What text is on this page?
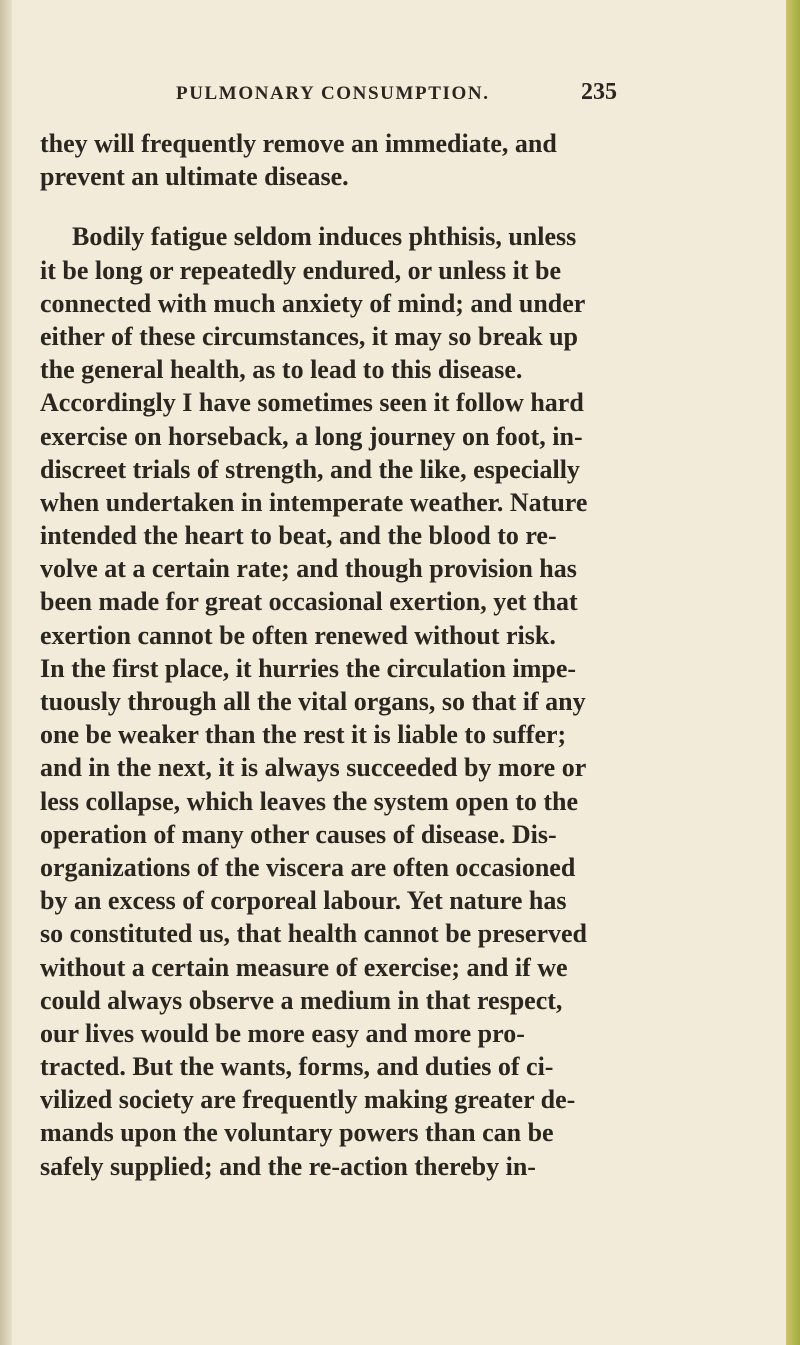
PULMONARY CONSUMPTION.	235
they will frequently remove an immediate, and
prevent an ultimate disease.
Bodily fatigue seldom induces phthisis, unless
it be long or repeatedly endured, or unless it be
connected with much anxiety of mind; and under
either of these circumstances, it may so break up
the general health, as to lead to this disease.
Accordingly I have sometimes seen it follow hard
exercise on horseback, a long journey on foot, in-
discreet trials of strength, and the like, especially
when undertaken in intemperate weather. Nature
intended the heart to beat, and the blood to re-
volve at a certain rate; and though provision has
been made for great occasional exertion, yet that
exertion cannot be often renewed without risk.
In the first place, it hurries the circulation impe-
tuously through all the vital organs, so that if any
one be weaker than the rest it is liable to suffer;
and in the next, it is always succeeded by more or
less collapse, which leaves the system open to the
operation of many other causes of disease. Dis-
organizations of the viscera are often occasioned
by an excess of corporeal labour. Yet nature has
so constituted us, that health cannot be preserved
without a certain measure of exercise; and if we
could always observe a medium in that respect,
our lives would be more easy and more pro-
tracted. But the wants, forms, and duties of ci-
vilized society are frequently making greater de-
mands upon the voluntary powers than can be
safely supplied; and the re-action thereby in-
